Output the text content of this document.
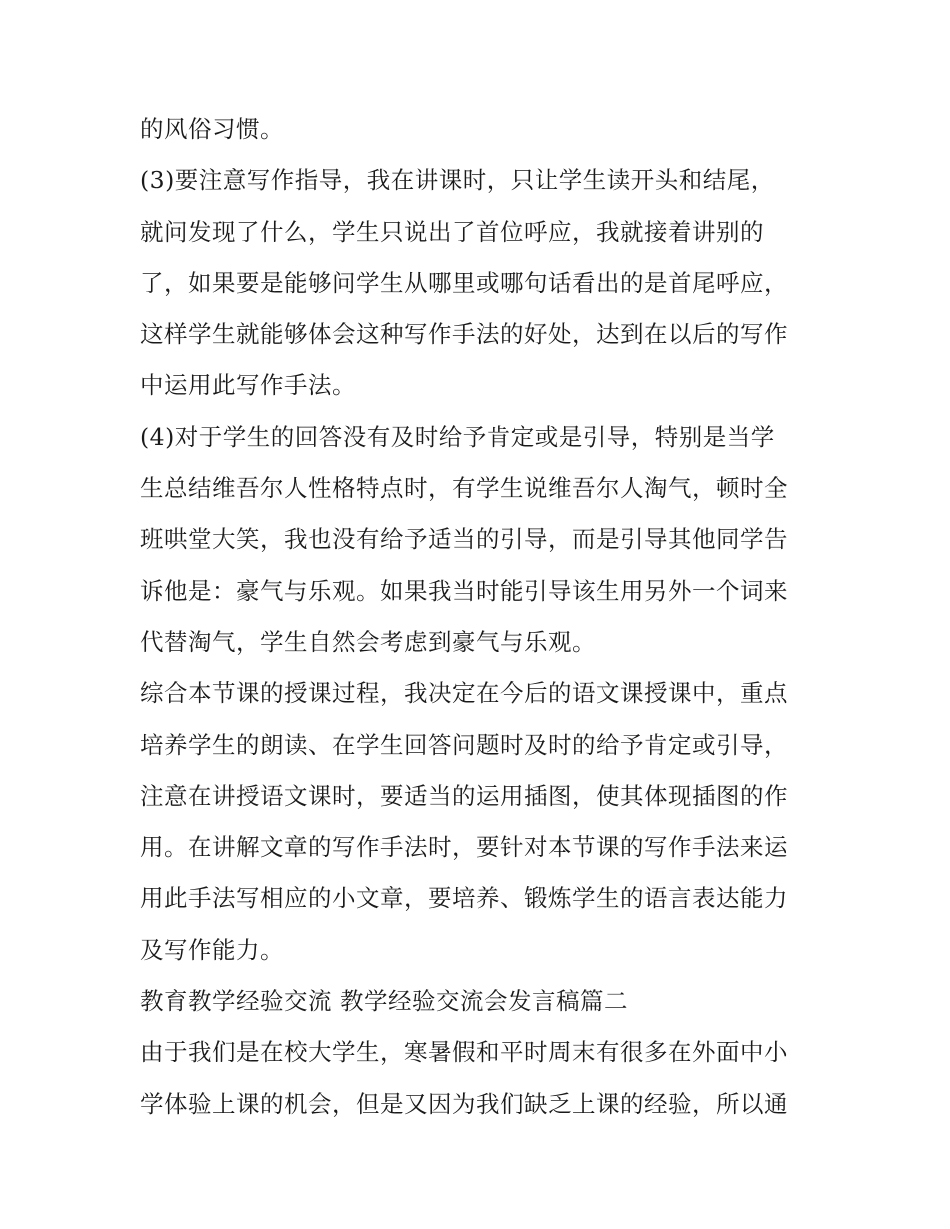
的风俗习惯。
(3)要注意写作指导，我在讲课时，只让学生读开头和结尾，
就问发现了什么，学生只说出了首位呼应，我就接着讲别的
了，如果要是能够问学生从哪里或哪句话看出的是首尾呼应，
这样学生就能够体会这种写作手法的好处，达到在以后的写作
中运用此写作手法。
(4)对于学生的回答没有及时给予肯定或是引导，特别是当学
生总结维吾尔人性格特点时，有学生说维吾尔人淘气，顿时全
班哄堂大笑，我也没有给予适当的引导，而是引导其他同学告
诉他是：豪气与乐观。如果我当时能引导该生用另外一个词来
代替淘气，学生自然会考虑到豪气与乐观。
综合本节课的授课过程，我决定在今后的语文课授课中，重点
培养学生的朗读、在学生回答问题时及时的给予肯定或引导，
注意在讲授语文课时，要适当的运用插图，使其体现插图的作
用。在讲解文章的写作手法时，要针对本节课的写作手法来运
用此手法写相应的小文章，要培养、锻炼学生的语言表达能力
及写作能力。
教育教学经验交流 教学经验交流会发言稿篇二
由于我们是在校大学生，寒暑假和平时周末有很多在外面中小
学体验上课的机会，但是又因为我们缺乏上课的经验，所以通
